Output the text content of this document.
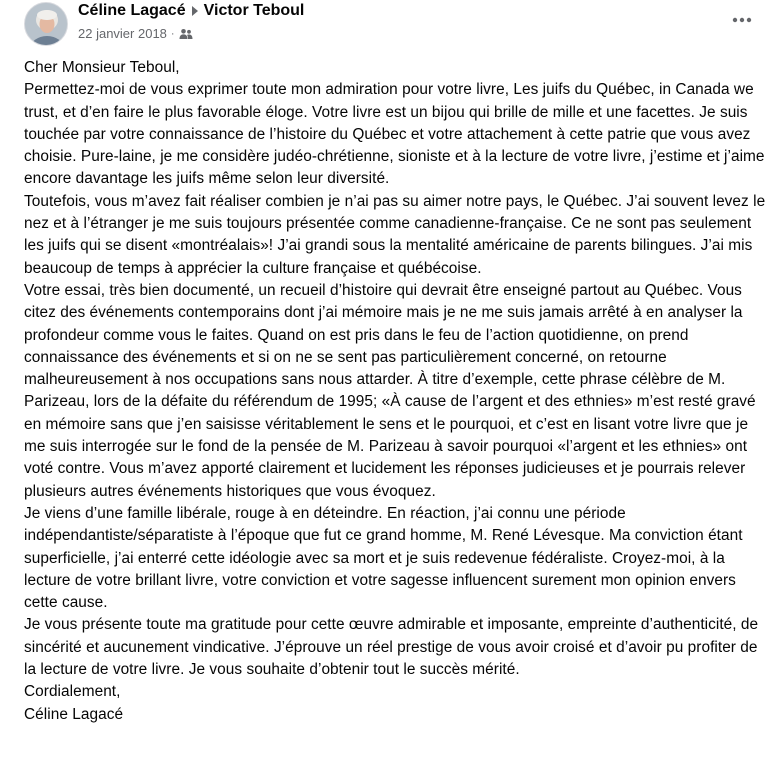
Céline Lagacé Victor Teboul
22 janvier 2018 ·

Cher Monsieur Teboul,

Permettez-moi de vous exprimer toute mon admiration pour votre livre, Les juifs du Québec, in Canada we trust, et d’en faire le plus favorable éloge. Votre livre est un bijou qui brille de mille et une facettes. Je suis touchée par votre connaissance de l’histoire du Québec et votre attachement à cette patrie que vous avez choisie. Pure-laine, je me considère judéo-chrétienne, sioniste et à la lecture de votre livre, j’estime et j’aime encore davantage les juifs même selon leur diversité.

Toutefois, vous m’avez fait réaliser combien je n’ai pas su aimer notre pays, le Québec. J’ai souvent levez le nez et à l’étranger je me suis toujours présentée comme canadienne-française. Ce ne sont pas seulement les juifs qui se disent «montréalais»! J’ai grandi sous la mentalité américaine de parents bilingues. J’ai mis beaucoup de temps à apprécier la culture française et québécoise.

Votre essai, très bien documenté, un recueil d’histoire qui devrait être enseigné partout au Québec. Vous citez des événements contemporains dont j’ai mémoire mais je ne me suis jamais arrêté à en analyser la profondeur comme vous le faites. Quand on est pris dans le feu de l’action quotidienne, on prend connaissance des événements et si on ne se sent pas particulièrement concerné, on retourne malheureusement à nos occupations sans nous attarder. À titre d’exemple, cette phrase célèbre de M. Parizeau, lors de la défaite du référendum de 1995; «À cause de l’argent et des ethnies» m’est resté gravé en mémoire sans que j’en saisisse véritablement le sens et le pourquoi, et c’est en lisant votre livre que je me suis interrogée sur le fond de la pensée de M. Parizeau à savoir pourquoi «l’argent et les ethnies» ont voté contre. Vous m’avez apporté clairement et lucidement les réponses judicieuses et je pourrais relever plusieurs autres événements historiques que vous évoquez.

Je viens d’une famille libérale, rouge à en déteindre. En réaction, j’ai connu une période indépendantiste/séparatiste à l’époque que fut ce grand homme, M. René Lévesque. Ma conviction étant superficielle, j’ai enterré cette idéologie avec sa mort et je suis redevenue fédéraliste. Croyez-moi, à la lecture de votre brillant livre, votre conviction et votre sagesse influencent surement mon opinion envers cette cause.

Je vous présente toute ma gratitude pour cette œuvre admirable et imposante, empreinte d’authenticité, de sincérité et aucunement vindicative. J’éprouve un réel prestige de vous avoir croisé et d’avoir pu profiter de la lecture de votre livre. Je vous souhaite d’obtenir tout le succès mérité.

Cordialement,

Céline Lagacé
